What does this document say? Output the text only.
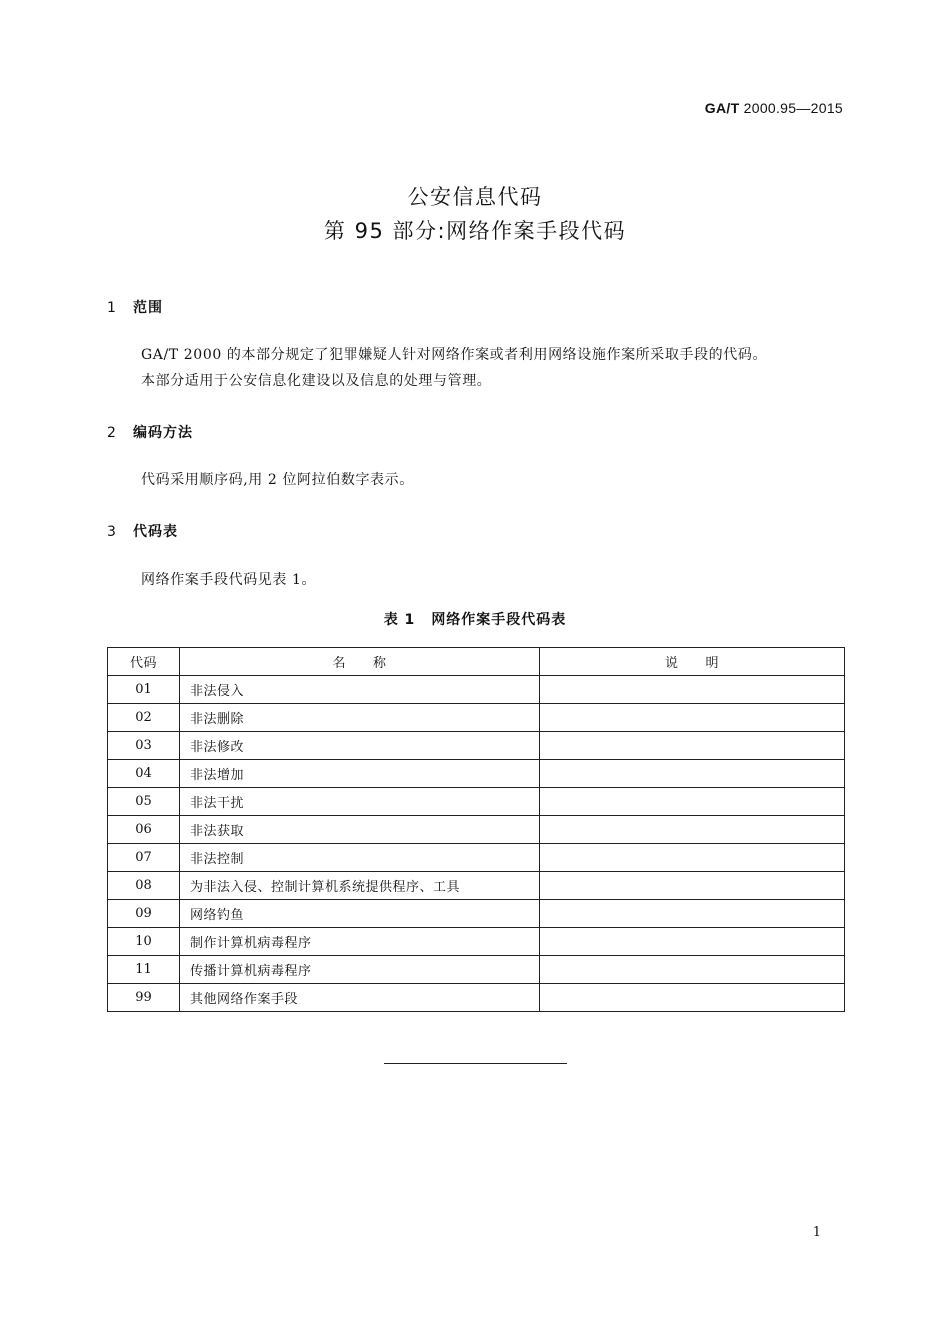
GA/T 2000.95—2015
公安信息代码
第 95 部分:网络作案手段代码
1 范围
GA/T 2000 的本部分规定了犯罪嫌疑人针对网络作案或者利用网络设施作案所采取手段的代码。
本部分适用于公安信息化建设以及信息的处理与管理。
2 编码方法
代码采用顺序码,用 2 位阿拉伯数字表示。
3 代码表
网络作案手段代码见表 1。
表 1 网络作案手段代码表
代码	名　　称	说　　明
01	非法侵入	
02	非法删除	
03	非法修改	
04	非法增加	
05	非法干扰	
06	非法获取	
07	非法控制	
08	为非法入侵、控制计算机系统提供程序、工具	
09	网络钓鱼	
10	制作计算机病毒程序	
11	传播计算机病毒程序	
99	其他网络作案手段	
1
